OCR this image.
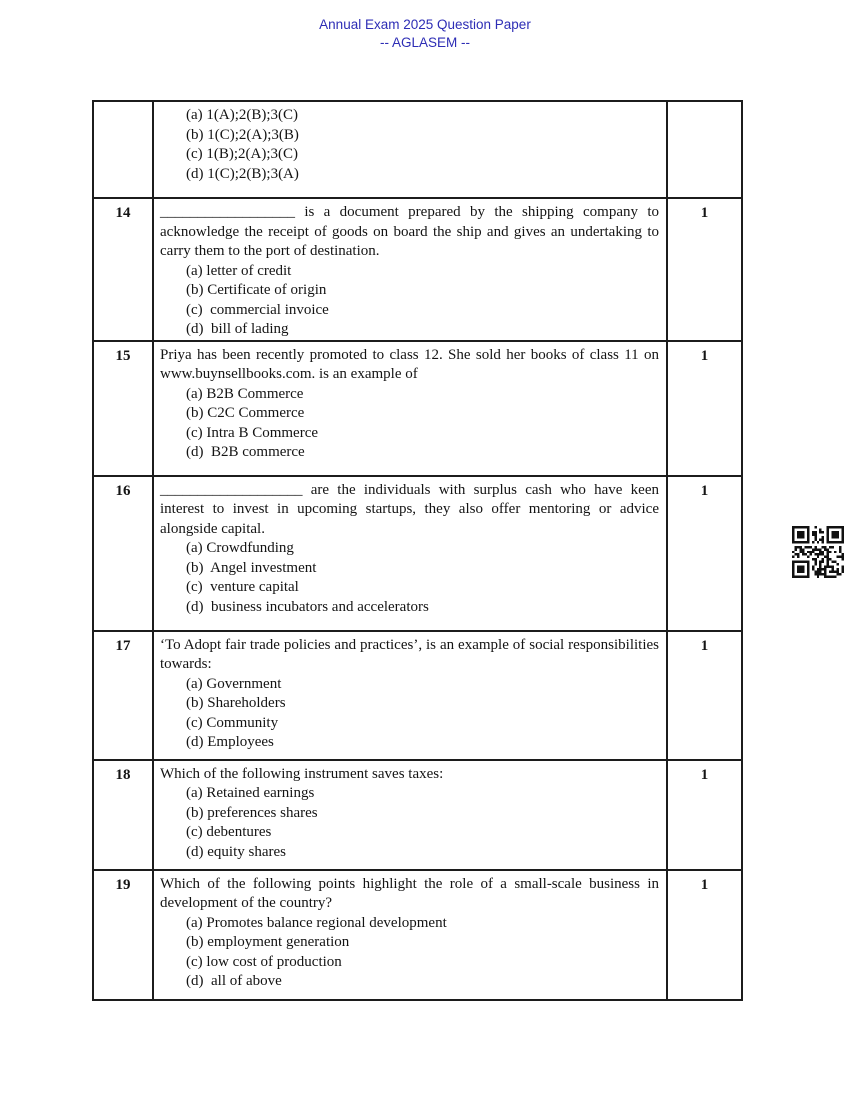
Annual Exam 2025 Question Paper
-- AGLASEM --

	(a) 1(A);2(B);3(C)
(b) 1(C);2(A);3(B)
(c) 1(B);2(A);3(C)
(d) 1(C);2(B);3(A)	

14	__________________ is a document prepared by the shipping company to acknowledge the receipt of goods on board the ship and gives an undertaking to carry them to the port of destination.
(a) letter of credit
(b) Certificate of origin
(c)  commercial invoice
(d)  bill of lading	1
15	Priya has been recently promoted to class 12. She sold her books of class 11 on www.buynsellbooks.com. is an example of
(a) B2B Commerce
(b) C2C Commerce
(c) Intra B Commerce
(d)  B2B commerce	1
16	___________________ are the individuals with surplus cash who have keen interest to invest in upcoming startups, they also offer mentoring or advice alongside capital.
(a) Crowdfunding
(b)  Angel investment
(c)  venture capital
(d)  business incubators and accelerators	1
17	‘To Adopt fair trade policies and practices’, is an example of social responsibilities towards:
(a) Government
(b) Shareholders
(c) Community
(d) Employees	1
18	Which of the following instrument saves taxes:
(a) Retained earnings
(b) preferences shares
(c) debentures
(d) equity shares	1
19	Which of the following points highlight the role of a small-scale business in development of the country?
(a) Promotes balance regional development
(b) employment generation
(c) low cost of production
(d)  all of above	1
